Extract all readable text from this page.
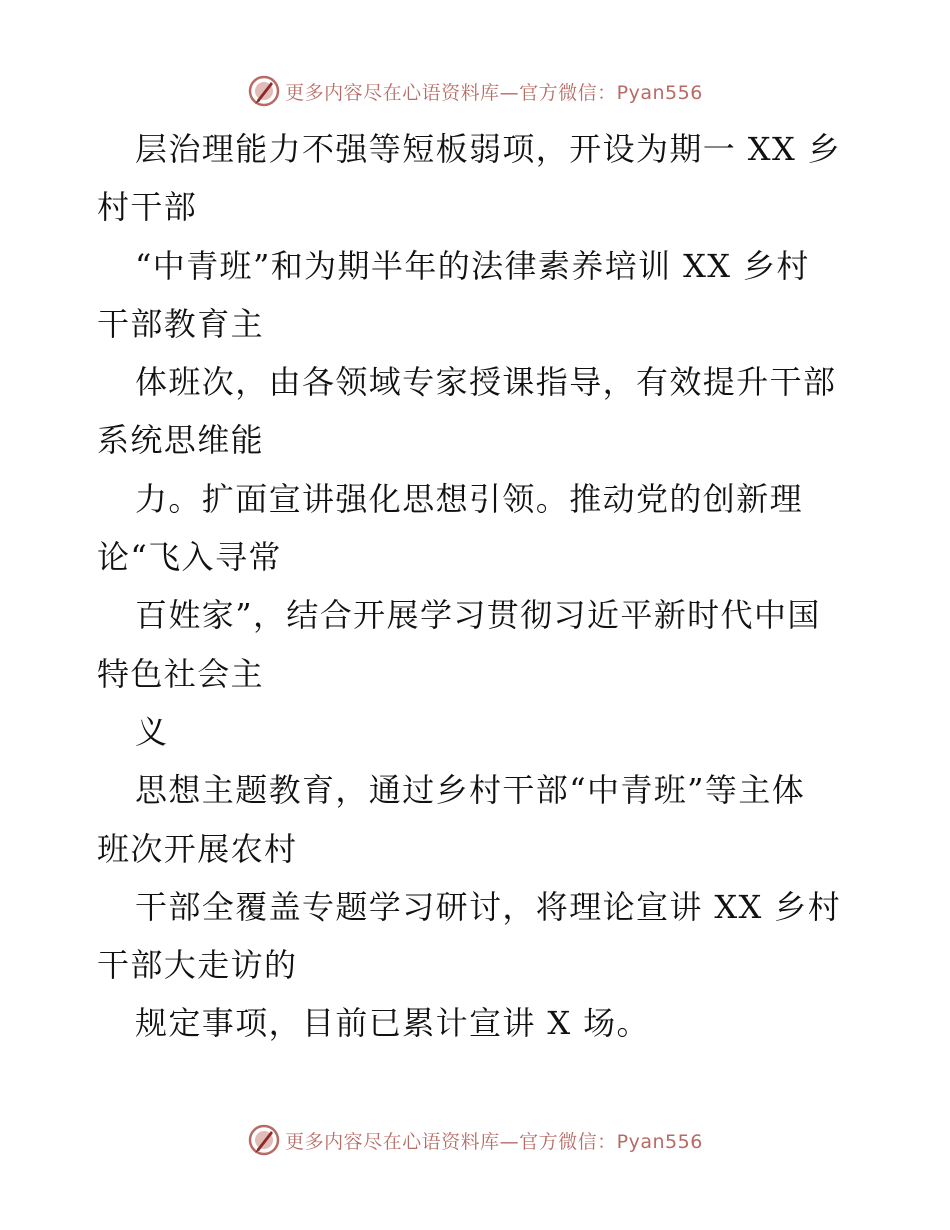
更多内容尽在心语资料库—官方微信：Pyan556
层治理能力不强等短板弱项，开设为期一 XX 乡
村干部
“中青班”和为期半年的法律素养培训 XX 乡村
干部教育主
体班次，由各领域专家授课指导，有效提升干部
系统思维能
力。扩面宣讲强化思想引领。推动党的创新理
论“飞入寻常
百姓家”，结合开展学习贯彻习近平新时代中国
特色社会主
义
思想主题教育，通过乡村干部“中青班”等主体
班次开展农村
干部全覆盖专题学习研讨，将理论宣讲 XX 乡村
干部大走访的
规定事项，目前已累计宣讲 X 场。
更多内容尽在心语资料库—官方微信：Pyan556
